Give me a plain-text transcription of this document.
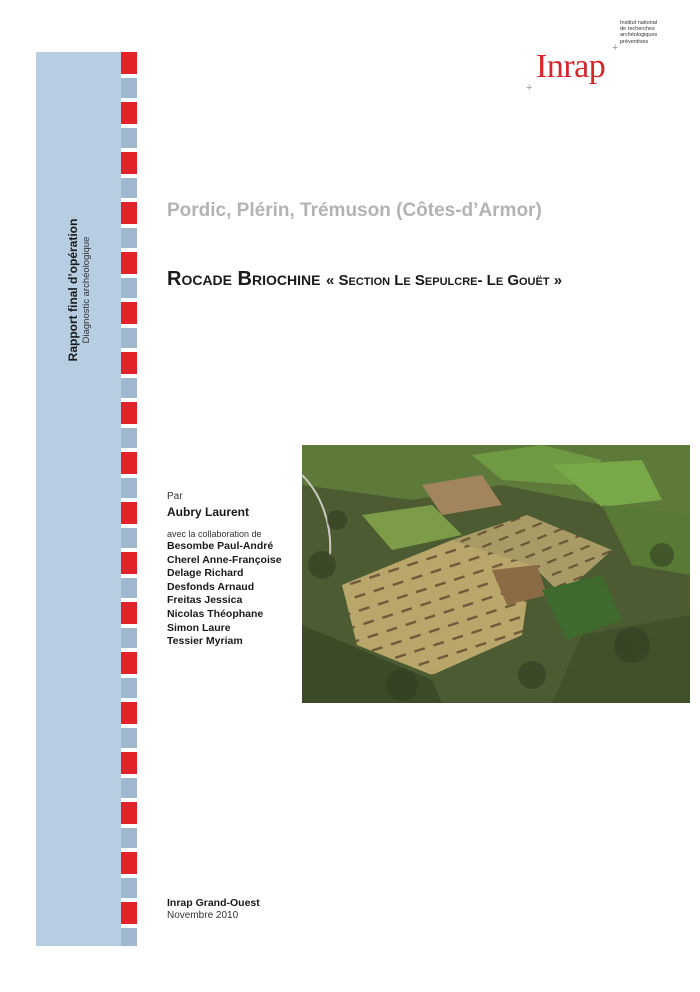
Rapport final d’opération Diagnostic archéologique
Institut national
de recherches
archéologiques
préventives
+
+
Inrap
Pordic, Plérin, Trémuson (Côtes-d’Armor)
Rocade Briochine « Section Le Sepulcre- Le Gouët »
Par
Aubry Laurent
avec la collaboration de
Besombe Paul-André
Cherel Anne-Françoise
Delage Richard
Desfonds Arnaud
Freitas Jessica
Nicolas Théophane
Simon Laure
Tessier Myriam
Inrap Grand-Ouest
Novembre 2010
